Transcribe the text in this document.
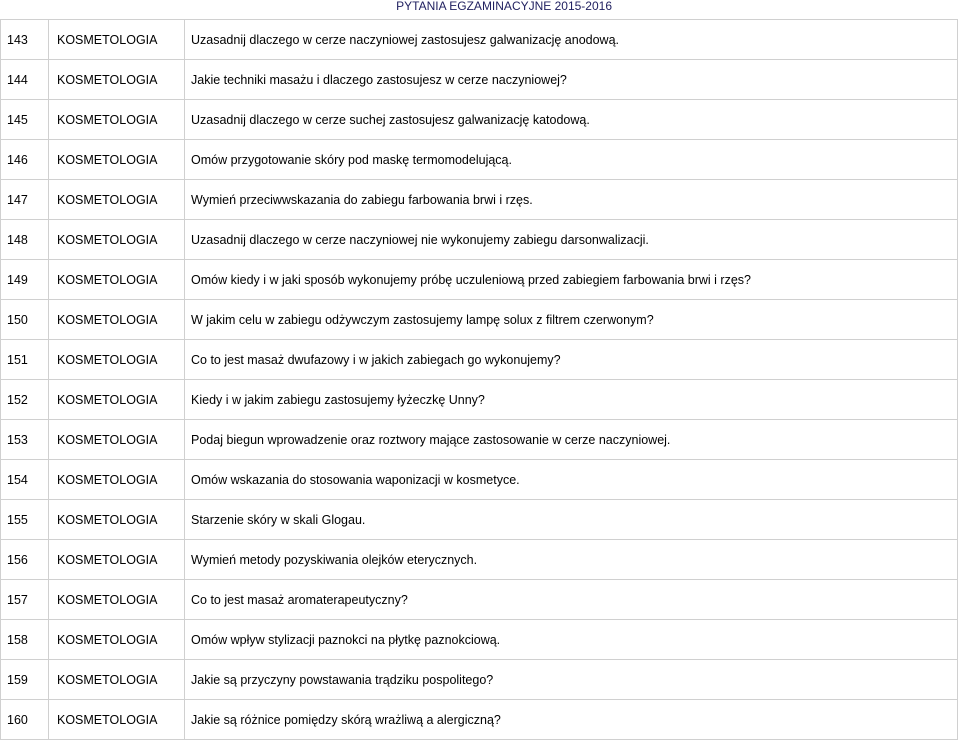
PYTANIA EGZAMINACYJNE 2015-2016
143	KOSMETOLOGIA	Uzasadnij dlaczego w cerze naczyniowej zastosujesz galwanizację anodową.
144	KOSMETOLOGIA	Jakie techniki masażu i dlaczego zastosujesz w cerze naczyniowej?
145	KOSMETOLOGIA	Uzasadnij dlaczego w cerze suchej zastosujesz galwanizację katodową.
146	KOSMETOLOGIA	Omów przygotowanie skóry pod maskę termomodelującą.
147	KOSMETOLOGIA	Wymień przeciwwskazania do zabiegu farbowania brwi i rzęs.
148	KOSMETOLOGIA	Uzasadnij dlaczego w cerze naczyniowej nie wykonujemy zabiegu darsonwalizacji.
149	KOSMETOLOGIA	Omów kiedy i w jaki sposób wykonujemy próbę uczuleniową przed zabiegiem farbowania brwi i rzęs?
150	KOSMETOLOGIA	W jakim celu w zabiegu odżywczym zastosujemy lampę solux z filtrem czerwonym?
151	KOSMETOLOGIA	Co to jest masaż dwufazowy i w jakich zabiegach go wykonujemy?
152	KOSMETOLOGIA	Kiedy i w jakim zabiegu zastosujemy łyżeczkę Unny?
153	KOSMETOLOGIA	Podaj biegun wprowadzenie oraz roztwory mające zastosowanie w cerze naczyniowej.
154	KOSMETOLOGIA	Omów wskazania do stosowania waponizacji w kosmetyce.
155	KOSMETOLOGIA	Starzenie skóry w skali Glogau.
156	KOSMETOLOGIA	Wymień metody pozyskiwania olejków eterycznych.
157	KOSMETOLOGIA	Co to jest masaż aromaterapeutyczny?
158	KOSMETOLOGIA	Omów wpływ stylizacji paznokci na płytkę paznokciową.
159	KOSMETOLOGIA	Jakie są przyczyny powstawania trądziku pospolitego?
160	KOSMETOLOGIA	Jakie są różnice pomiędzy skórą wrażliwą a alergiczną?
